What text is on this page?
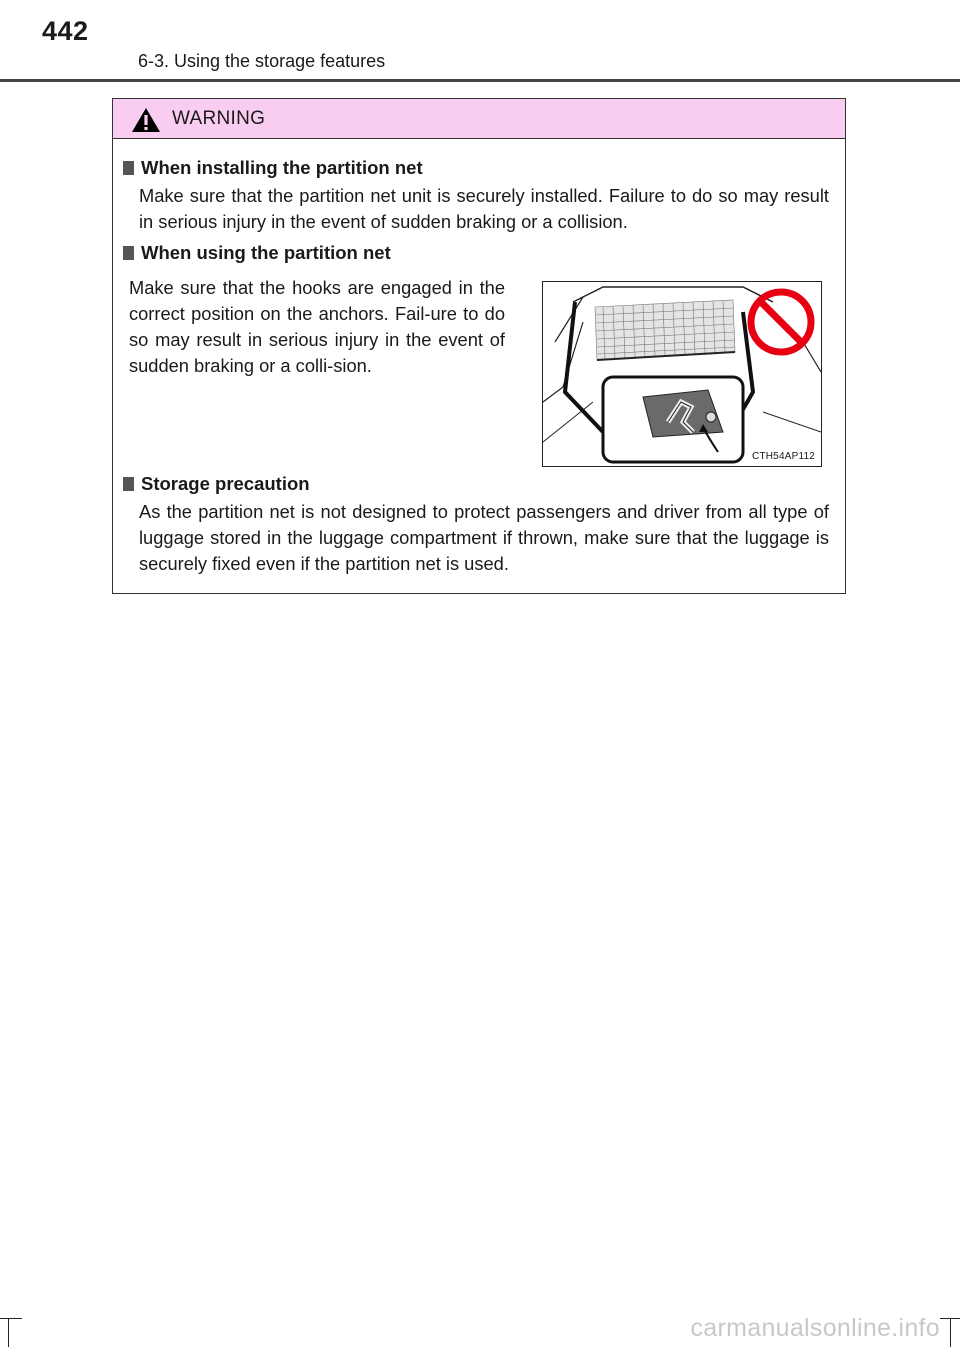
442
6-3. Using the storage features
WARNING
When installing the partition net
Make sure that the partition net unit is securely installed. Failure to do so may result in serious injury in the event of sudden braking or a collision.
When using the partition net
Make sure that the hooks are engaged in the correct position on the anchors. Fail-ure to do so may result in serious injury in the event of sudden braking or a colli-sion.
CTH54AP112
Storage precaution
As the partition net is not designed to protect passengers and driver from all type of luggage stored in the luggage compartment if thrown, make sure that the luggage is securely fixed even if the partition net is used.
carmanualsonline.info
